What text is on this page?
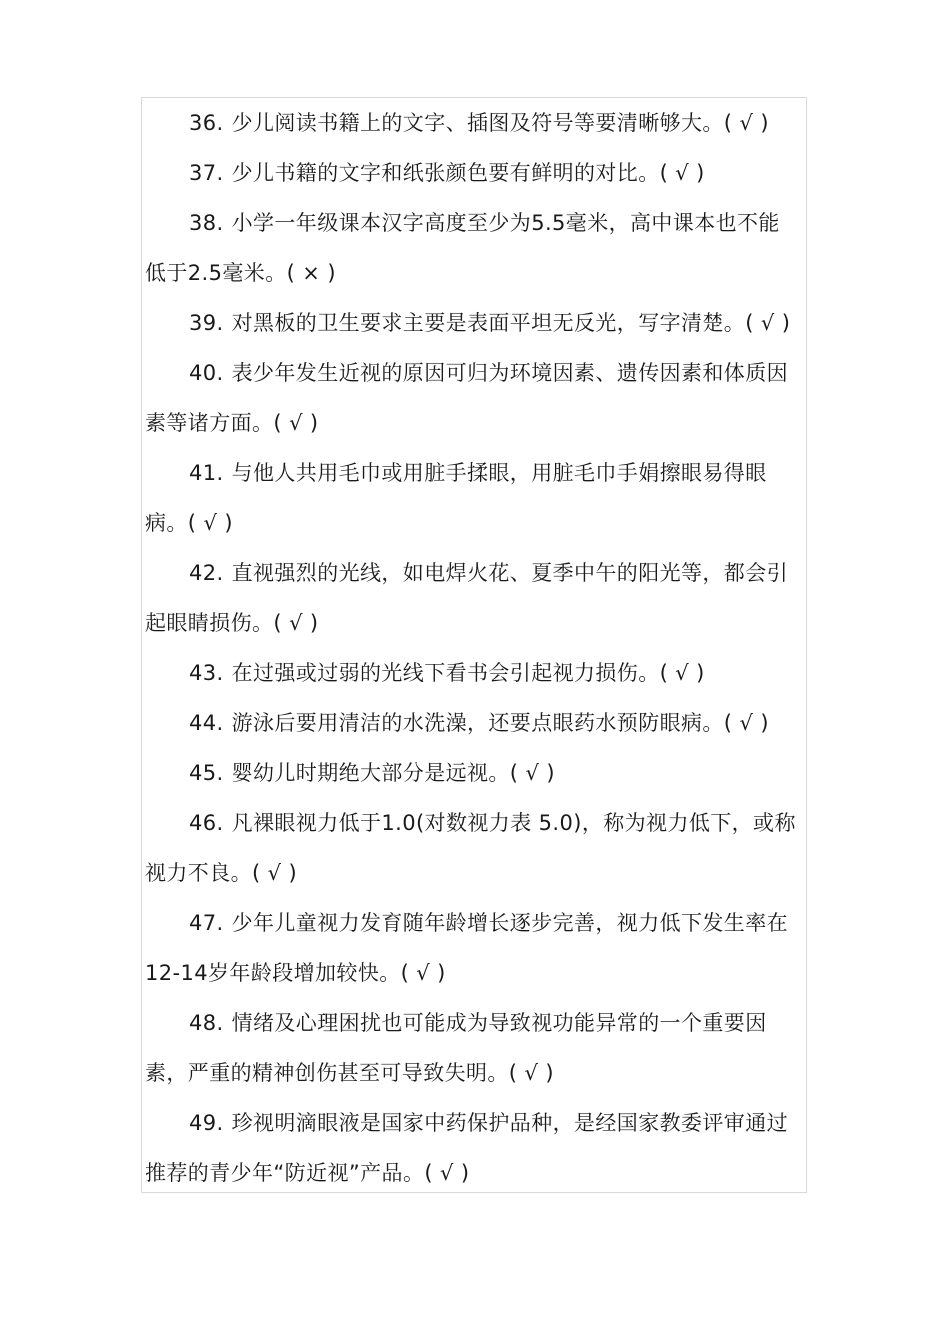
36. 少儿阅读书籍上的文字、插图及符号等要清晰够大。( √ )
37. 少儿书籍的文字和纸张颜色要有鲜明的对比。( √ )
38. 小学一年级课本汉字高度至少为5.5毫米，高中课本也不能
低于2.5毫米。( × )
39. 对黑板的卫生要求主要是表面平坦无反光，写字清楚。( √ )
40. 表少年发生近视的原因可归为环境因素、遗传因素和体质因
素等诸方面。( √ )
41. 与他人共用毛巾或用脏手揉眼，用脏毛巾手娟擦眼易得眼
病。( √ )
42. 直视强烈的光线，如电焊火花、夏季中午的阳光等，都会引
起眼睛损伤。( √ )
43. 在过强或过弱的光线下看书会引起视力损伤。( √ )
44. 游泳后要用清洁的水洗澡，还要点眼药水预防眼病。( √ )
45. 婴幼儿时期绝大部分是远视。( √ )
46. 凡裸眼视力低于1.0(对数视力表 5.0)，称为视力低下，或称
视力不良。( √ )
47. 少年儿童视力发育随年龄增长逐步完善，视力低下发生率在
12-14岁年龄段增加较快。( √ )
48. 情绪及心理困扰也可能成为导致视功能异常的一个重要因
素，严重的精神创伤甚至可导致失明。( √ )
49. 珍视明滴眼液是国家中药保护品种，是经国家教委评审通过
推荐的青少年“防近视”产品。( √ )
